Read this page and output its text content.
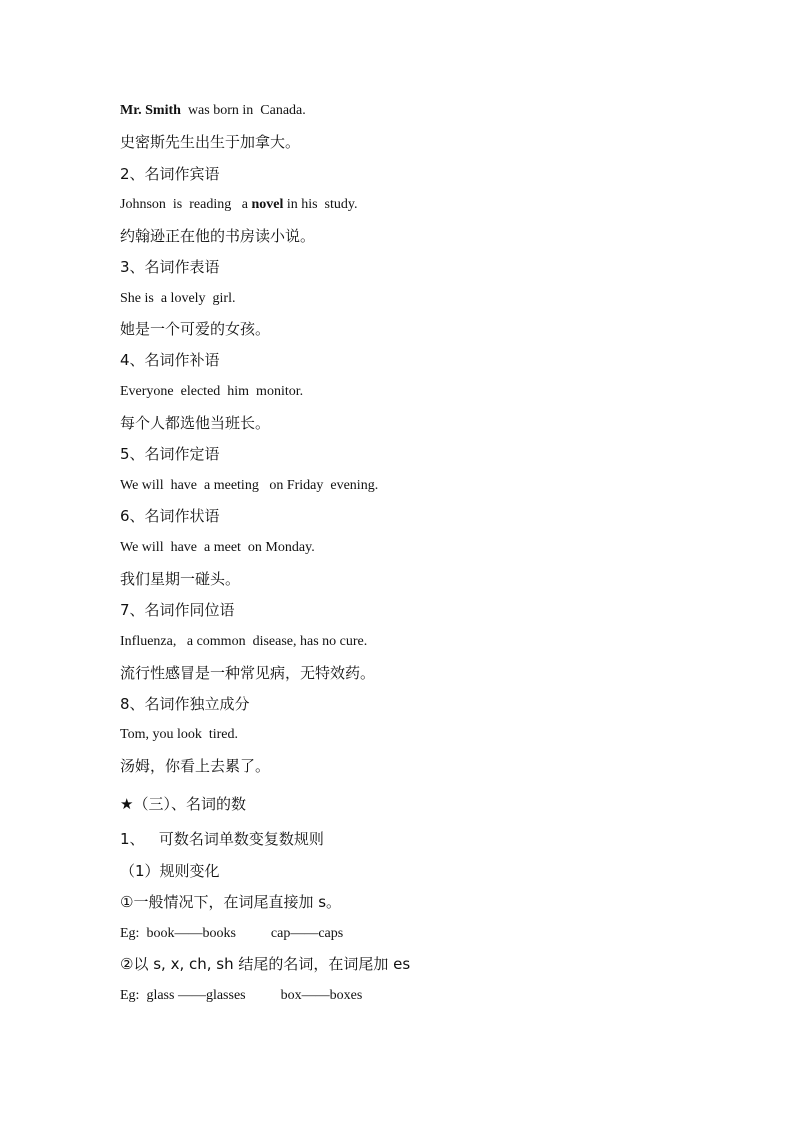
Mr. Smith  was born in  Canada.
史密斯先生出生于加拿大。
2、名词作宾语
Johnson  is  reading   a novel in his  study.
约翰逊正在他的书房读小说。
3、名词作表语
She is  a lovely  girl.
她是一个可爱的女孩。
4、名词作补语
Everyone  elected  him  monitor.
每个人都选他当班长。
5、名词作定语
We will  have  a meeting   on Friday  evening.
6、名词作状语
We will  have  a meet  on Monday.
我们星期一碰头。
7、名词作同位语
Influenza,   a common  disease, has no cure.
流行性感冒是一种常见病，无特效药。
8、名词作独立成分
Tom, you look  tired.
汤姆，你看上去累了。
★（三）、名词的数
1、   可数名词单数变复数规则
（1）规则变化
①一般情况下，在词尾直接加 s。
Eg:  book——books          cap——caps
②以 s, x, ch, sh 结尾的名词，在词尾加 es
Eg:  glass ——glasses          box——boxes
